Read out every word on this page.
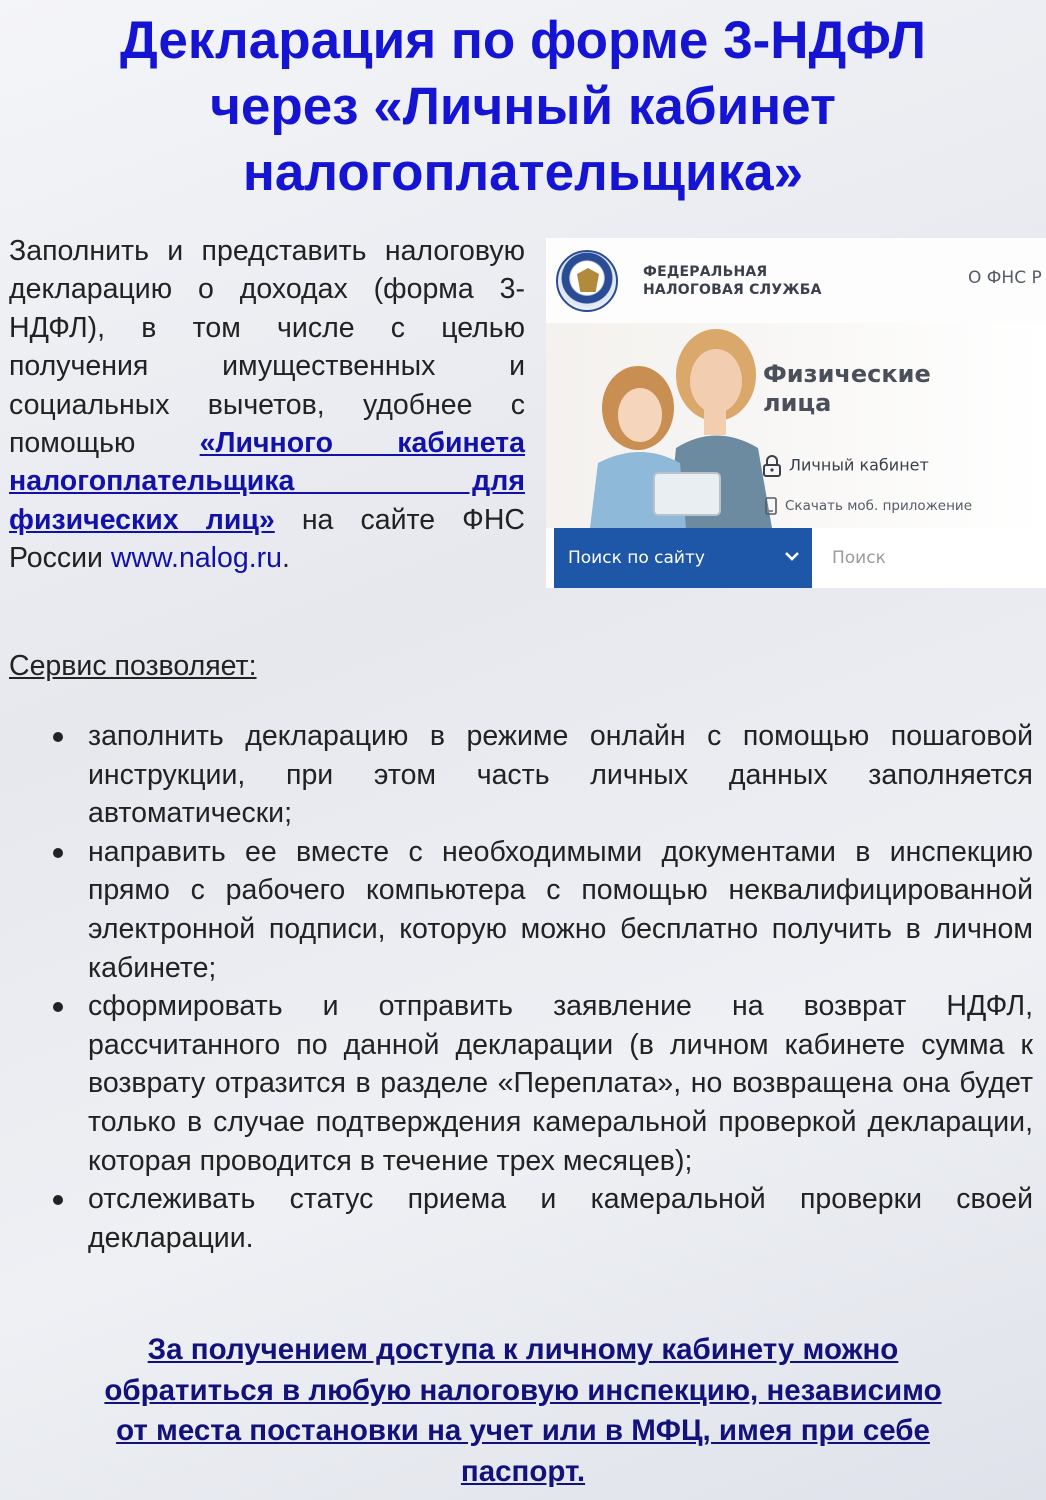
Декларация по форме 3-НДФЛ
через «Личный кабинет
налогоплательщика»

Заполнить и представить налоговую декларацию о доходах (форма 3-НДФЛ), в том числе с целью получения имущественных и социальных вычетов, удобнее с помощью «Личного кабинета налогоплательщика для физических лиц» на сайте ФНС России www.nalog.ru.

ФЕДЕРАЛЬНАЯ
НАЛОГОВАЯ СЛУЖБА
О ФНС Р
Физические
лица
Личный кабинет
Скачать моб. приложение
Поиск по сайту
Поиск

Сервис позволяет:

заполнить декларацию в режиме онлайн с помощью пошаговой инструкции, при этом часть личных данных заполняется автоматически;
направить ее вместе с необходимыми документами в инспекцию прямо с рабочего компьютера с помощью неквалифицированной электронной подписи, которую можно бесплатно получить в личном кабинете;
сформировать и отправить заявление на возврат НДФЛ, рассчитанного по данной декларации (в личном кабинете сумма к возврату отразится в разделе «Переплата», но возвращена она будет только в случае подтверждения камеральной проверкой декларации, которая проводится в течение трех месяцев);
отслеживать статус приема и камеральной проверки своей декларации.

За получением доступа к личному кабинету можно
обратиться в любую налоговую инспекцию, независимо
от места постановки на учет или в МФЦ, имея при себе
паспорт.
